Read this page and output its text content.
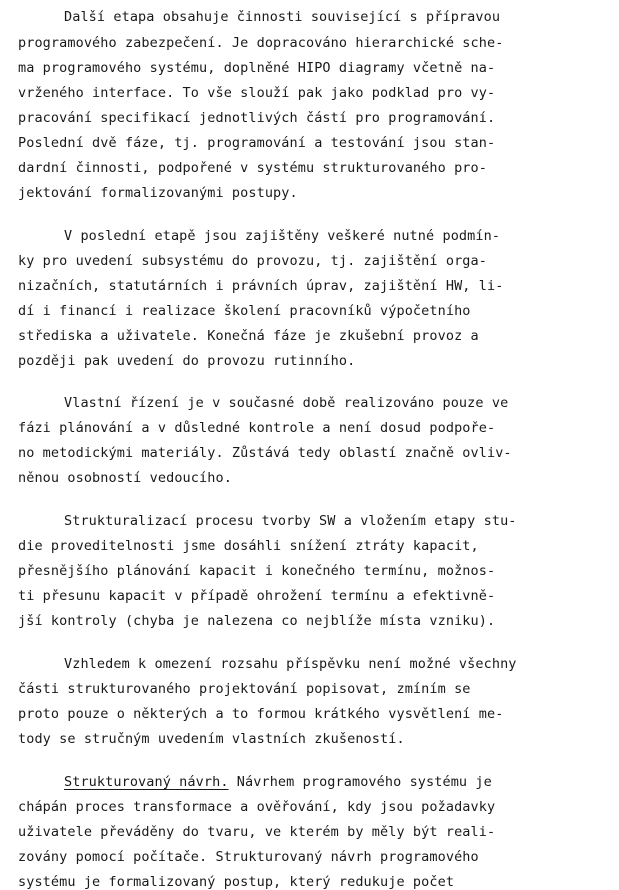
Další etapa obsahuje činnosti související s přípravou
programového zabezpečení. Je dopracováno hierarchické sche-
ma programového systému, doplněné HIPO diagramy včetně na-
vrženého interface. To vše slouží pak jako podklad pro vy-
pracování specifikací jednotlivých částí pro programování.
Poslední dvě fáze, tj. programování a testování jsou stan-
dardní činnosti, podpořené v systému strukturovaného pro-
jektování formalizovanými postupy.
V poslední etapě jsou zajištěny veškeré nutné podmín-
ky pro uvedení subsystému do provozu, tj. zajištění orga-
nizačních, statutárních i právních úprav, zajištění HW, li-
dí i financí i realizace školení pracovníků výpočetního
střediska a uživatele. Konečná fáze je zkušební provoz a
později pak uvedení do provozu rutinního.
Vlastní řízení je v současné době realizováno pouze ve
fázi plánování a v důsledné kontrole a není dosud podpoře-
no metodickými materiály. Zůstává tedy oblastí značně ovliv-
něnou osobností vedoucího.
Strukturalizací procesu tvorby SW a vložením etapy stu-
die proveditelnosti jsme dosáhli snížení ztráty kapacit,
přesnějšího plánování kapacit i konečného termínu, možnos-
ti přesunu kapacit v případě ohrožení termínu a efektivně-
jší kontroly (chyba je nalezena co nejblíže místa vzniku).
Vzhledem k omezení rozsahu příspěvku není možné všechny
části strukturovaného projektování popisovat, zmíním se
proto pouze o některých a to formou krátkého vysvětlení me-
tody se stručným uvedením vlastních zkušeností.
Strukturovaný návrh. Návrhem programového systému je
chápán proces transformace a ověřování, kdy jsou požadavky
uživatele převáděny do tvaru, ve kterém by měly být reali-
zovány pomocí počítače. Strukturovaný návrh programového
systému je formalizovaný postup, který redukuje počet
